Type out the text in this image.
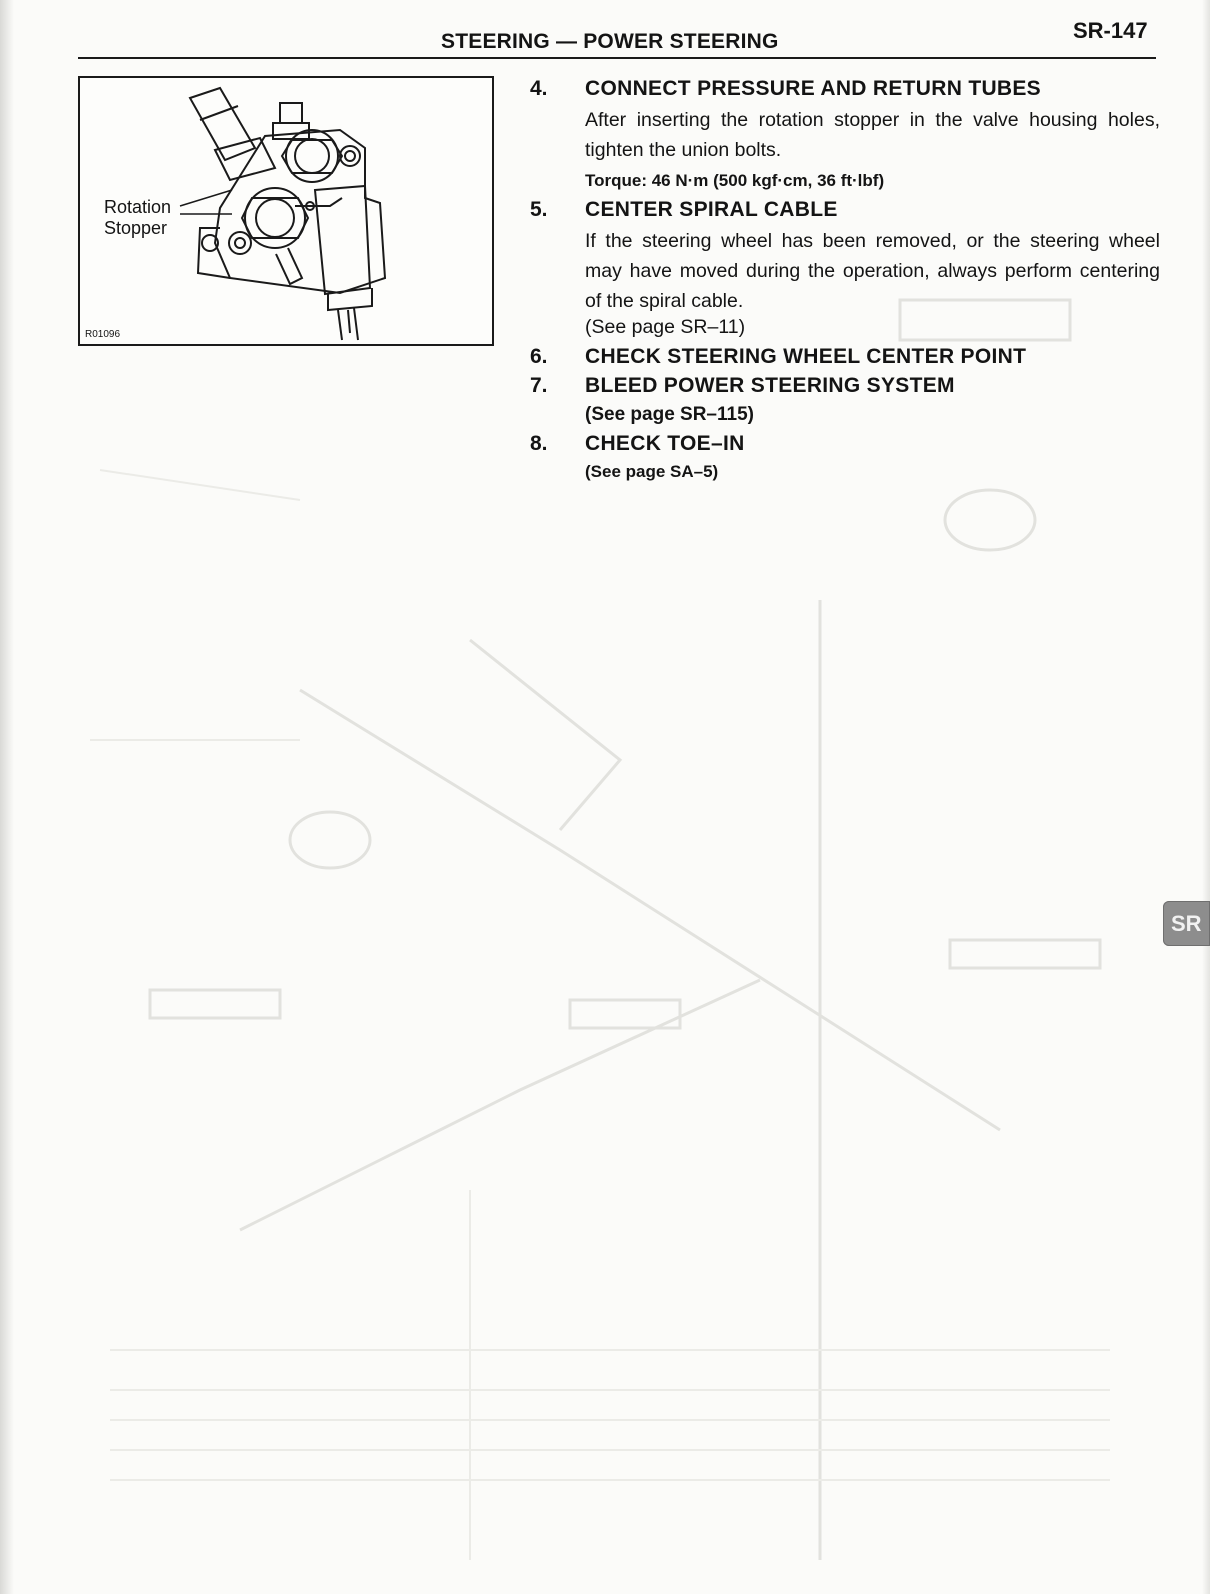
STEERING — POWER STEERING	SR-147
Rotation
Stopper
R01096
4. CONNECT PRESSURE AND RETURN TUBES
After inserting the rotation stopper in the valve housing holes, tighten the union bolts.
Torque: 46 N·m (500 kgf·cm, 36 ft·lbf)
5. CENTER SPIRAL CABLE
If the steering wheel has been removed, or the steering wheel may have moved during the operation, always perform centering of the spiral cable.
(See page SR–11)
6. CHECK STEERING WHEEL CENTER POINT
7. BLEED POWER STEERING SYSTEM
(See page SR–115)
8. CHECK TOE–IN
(See page SA–5)
SR
